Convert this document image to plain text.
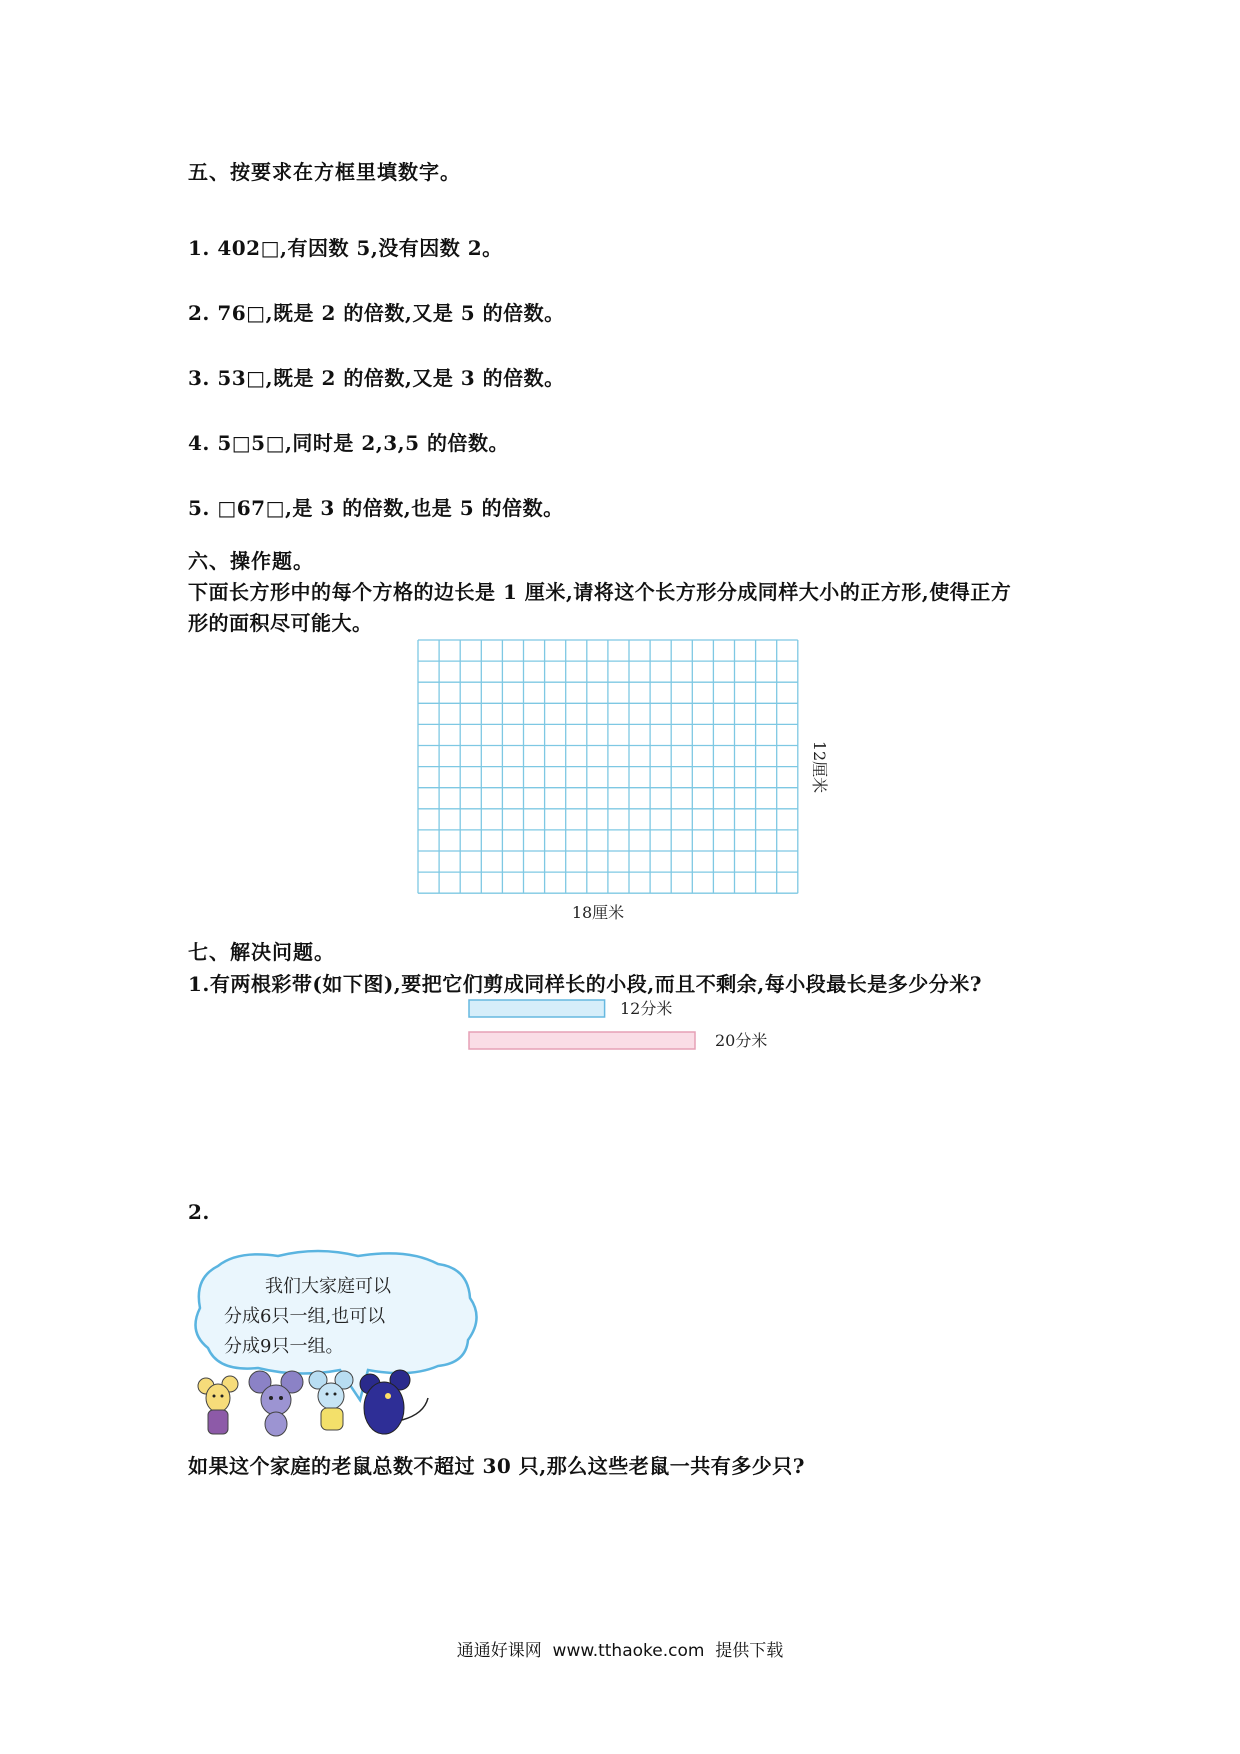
五、按要求在方框里填数字。
1. 402□,有因数 5,没有因数 2。
2. 76□,既是 2 的倍数,又是 5 的倍数。
3. 53□,既是 2 的倍数,又是 3 的倍数。
4. 5□5□,同时是 2,3,5 的倍数。
5. □67□,是 3 的倍数,也是 5 的倍数。
六、操作题。
下面长方形中的每个方格的边长是 1 厘米,请将这个长方形分成同样大小的正方形,使得正方
形的面积尽可能大。
18厘米
12厘米
七、解决问题。
1.有两根彩带(如下图),要把它们剪成同样长的小段,而且不剩余,每小段最长是多少分米?
12分米
20分米
2.
我们大家庭可以
分成6只一组,也可以
分成9只一组。
如果这个家庭的老鼠总数不超过 30 只,那么这些老鼠一共有多少只?
通通好课网  www.tthaoke.com  提供下载
